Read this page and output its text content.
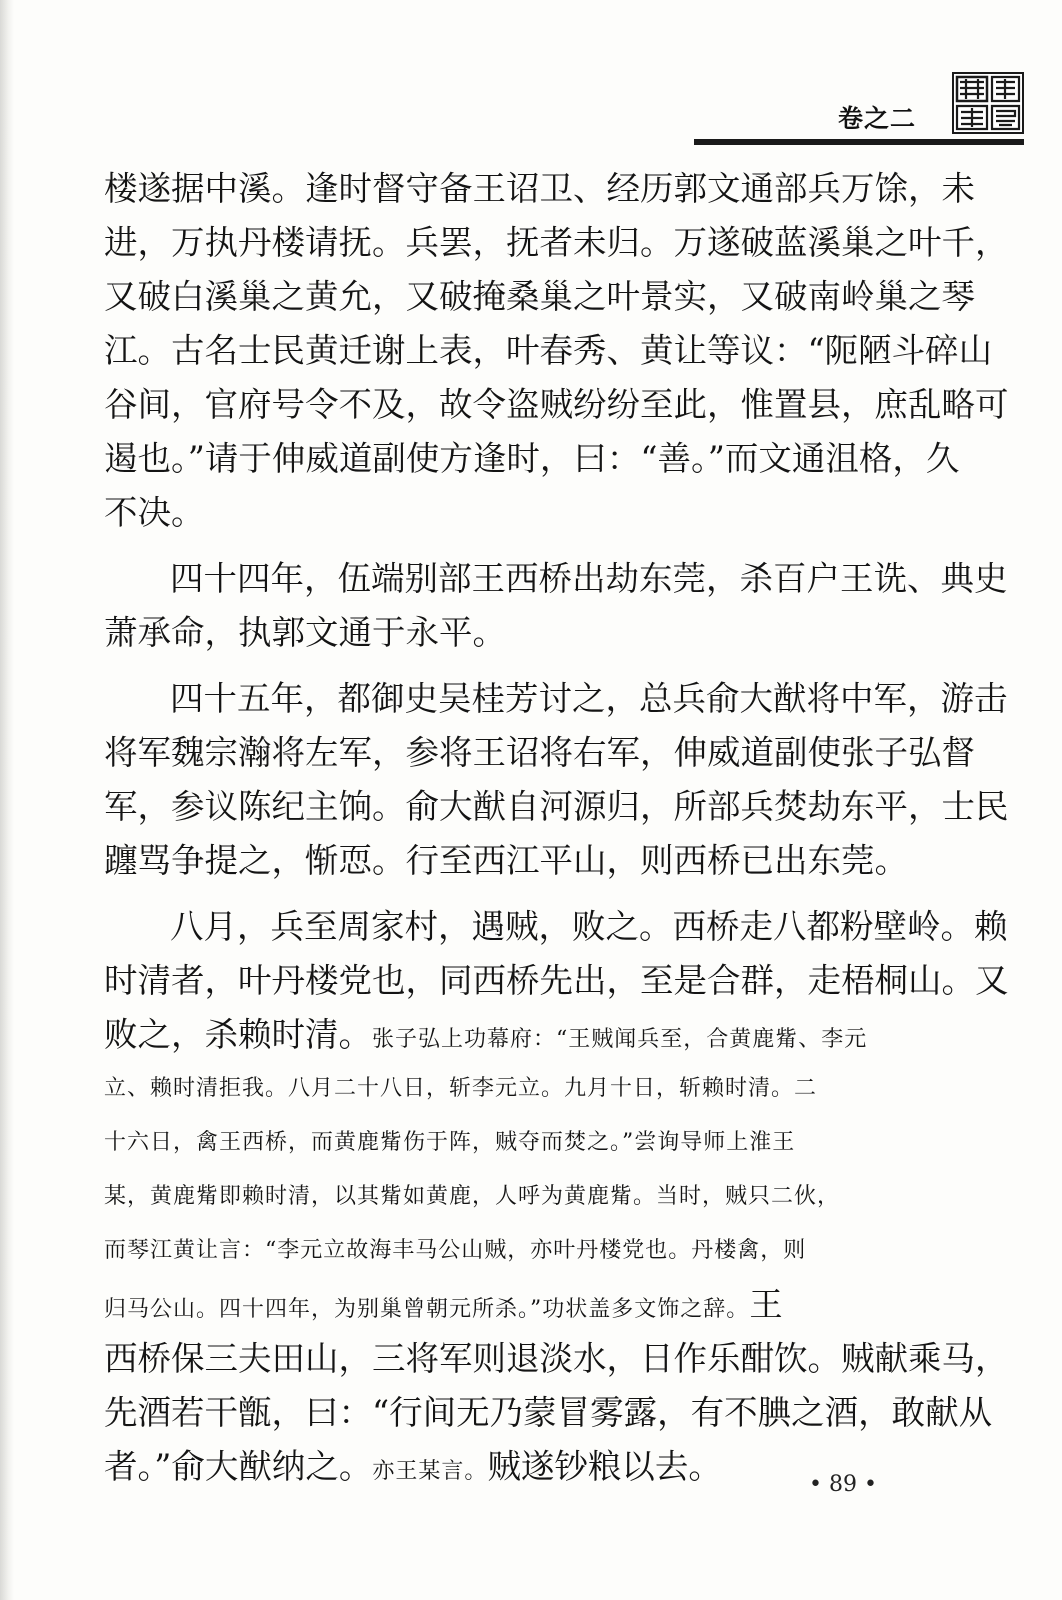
卷之二
楼遂据中溪。逢时督守备王诏卫、经历郭文通部兵万馀，未
进，万执丹楼请抚。兵罢，抚者未归。万遂破蓝溪巢之叶千，
又破白溪巢之黄允，又破掩桑巢之叶景实，又破南岭巢之琴
江。古名士民黄迁谢上表，叶春秀、黄让等议：“阨陋斗碎山
谷间，官府号令不及，故令盗贼纷纷至此，惟置县，庶乱略可
遏也。”请于伸威道副使方逢时，曰：“善。”而文通沮格，久
不决。
四十四年，伍端别部王西桥出劫东莞，杀百户王诜、典史
萧承命，执郭文通于永平。
四十五年，都御史吴桂芳讨之，总兵俞大猷将中军，游击
将军魏宗瀚将左军，参将王诏将右军，伸威道副使张子弘督
军，参议陈纪主饷。俞大猷自河源归，所部兵焚劫东平，士民
躔骂争提之，惭恧。行至西江平山，则西桥已出东莞。
八月，兵至周家村，遇贼，败之。西桥走八都粉壁岭。赖
时清者，叶丹楼党也，同西桥先出，至是合群，走梧桐山。又
败之，杀赖时清。张子弘上功幕府：“王贼闻兵至，合黄鹿觜、李元
立、赖时清拒我。八月二十八日，斩李元立。九月十日，斩赖时清。二
十六日，禽王西桥，而黄鹿觜伤于阵，贼夺而焚之。”尝询导师上淮王
某，黄鹿觜即赖时清，以其觜如黄鹿，人呼为黄鹿觜。当时，贼只二伙，
而琴江黄让言：“李元立故海丰马公山贼，亦叶丹楼党也。丹楼禽，则
归马公山。四十四年，为别巢曾朝元所杀。”功状盖多文饰之辞。王
西桥保三夫田山，三将军则退淡水，日作乐酣饮。贼献乘马，
先酒若干甑，曰：“行间无乃蒙冒雾露，有不腆之酒，敢献从
者。”俞大猷纳之。亦王某言。贼遂钞粮以去。	• 89 •
